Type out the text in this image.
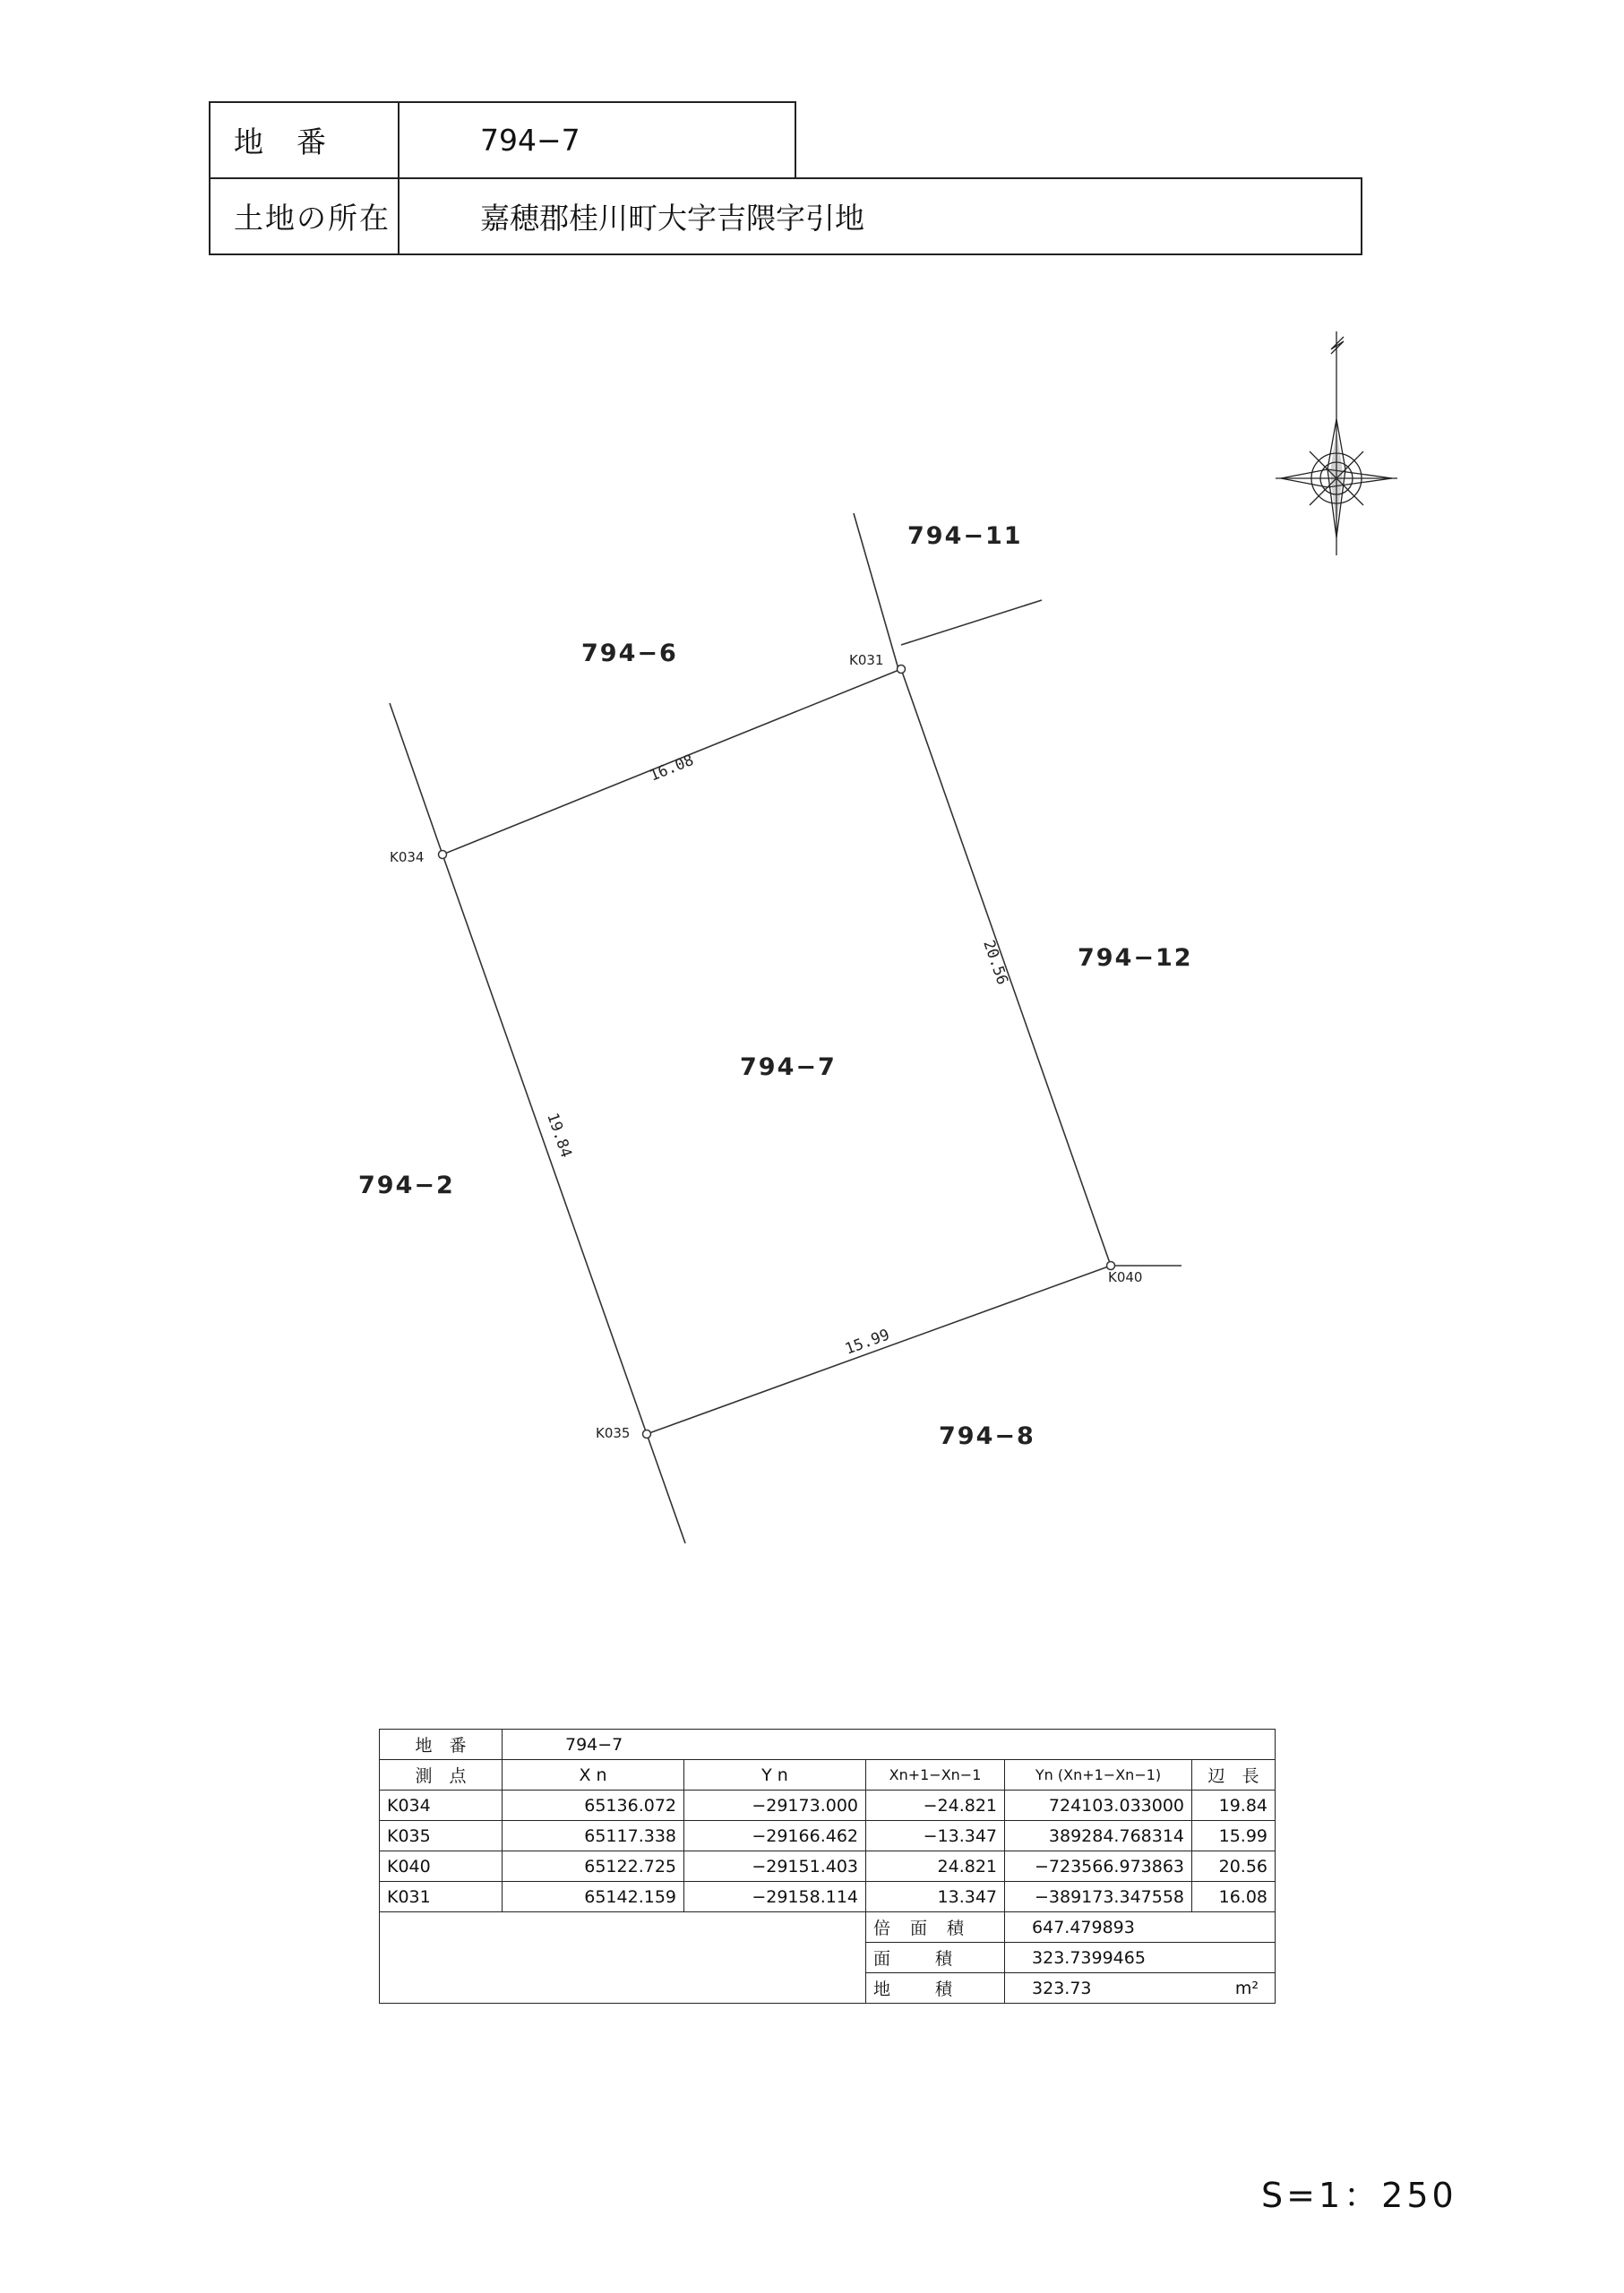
地　番	794−7
土地の所在	嘉穂郡桂川町大字吉隈字引地
K031
K034
K040
K035
16.08
20.56
19.84
15.99
794−11
794−6
794−12
794−7
794−2
794−8
地　番	794−7				
測　点	X n	Y n	Xn+1−Xn−1	Yn (Xn+1−Xn−1)	辺　長
K034	65136.072	−29173.000	−24.821	724103.033000	19.84
K035	65117.338	−29166.462	−13.347	389284.768314	15.99
K040	65122.725	−29151.403	24.821	−723566.973863	20.56
K031	65142.159	−29158.114	13.347	−389173.347558	16.08
			倍面積	647.479893	
			面積	323.7399465	
			地積	323.73 m²	
S=1：250
